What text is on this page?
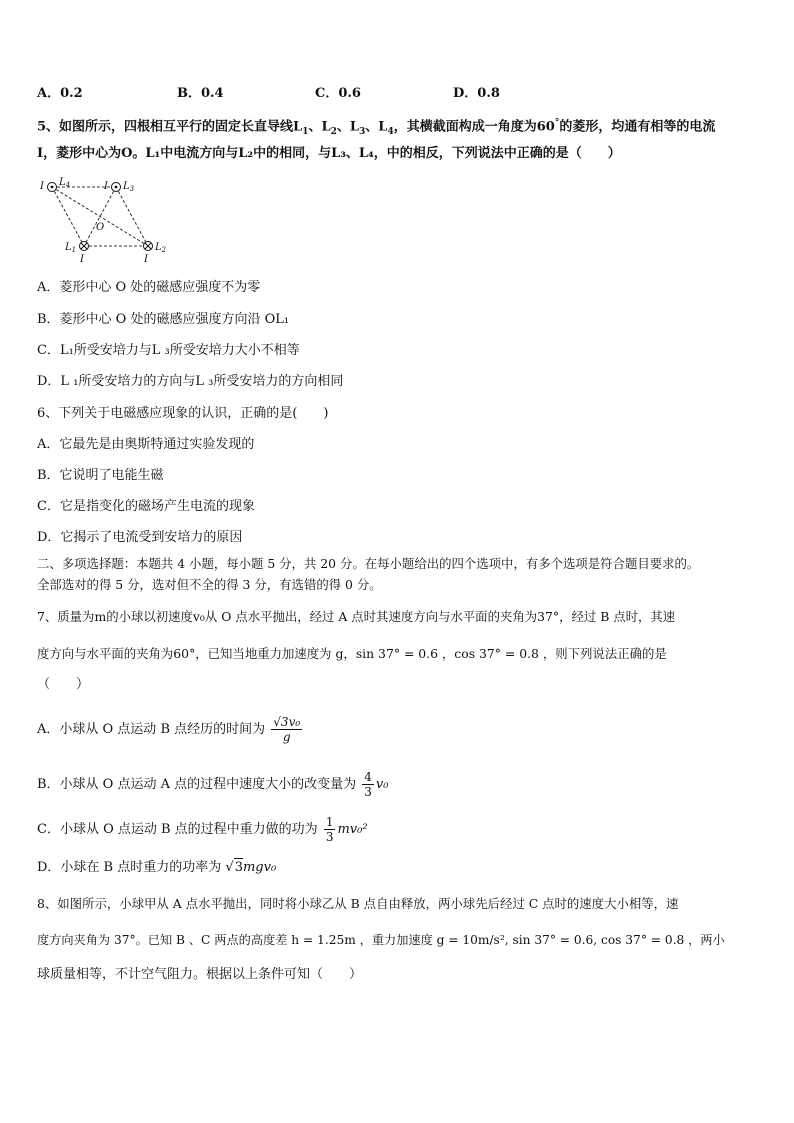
A．0.2	B．0.4	C．0.6	D．0.8
5、如图所示，四根相互平行的固定长直导线$L_1$、$L_2$、$L_3$、$L_4$，其横截面构成一角度为60°的菱形，均通有相等的电流
I，菱形中心为O。L₁中电流方向与L₂中的相同，与L₃、L₄，中的相反，下列说法中正确的是（　　）
I $L_4$	I $L_3$
O
$L_1$
I
$L_2$
I
A．菱形中心 O 处的磁感应强度不为零
B．菱形中心 O 处的磁感应强度方向沿 OL₁
C．L₁所受安培力与L ₃所受安培力大小不相等
D．L ₁所受安培力的方向与L ₃所受安培力的方向相同
6、下列关于电磁感应现象的认识，正确的是(　　)
A．它最先是由奥斯特通过实验发现的
B．它说明了电能生磁
C．它是指变化的磁场产生电流的现象
D．它揭示了电流受到安培力的原因
二、多项选择题：本题共 4 小题，每小题 5 分，共 20 分。在每小题给出的四个选项中，有多个选项是符合题目要求的。
全部选对的得 5 分，选对但不全的得 3 分，有选错的得 0 分。
7、质量为m的小球以初速度v₀从 O 点水平抛出，经过 A 点时其速度方向与水平面的夹角为37°，经过 B 点时，其速
度方向与水平面的夹角为60°，已知当地重力加速度为 g，sin 37° = 0.6 ，cos 37° = 0.8 ，则下列说法正确的是
（　　）
A．小球从 O 点运动 B 点经历的时间为 $\frac{\text{√3v₀}}{g}$
B．小球从 O 点运动 A 点的过程中速度大小的改变量为 $\frac{4}{3} v_0$
C．小球从 O 点运动 B 点的过程中重力做的功为 $\frac{1}{3} mv_0^2$
D．小球在 B 点时重力的功率为 √3mgv₀
8、如图所示，小球甲从 A 点水平抛出，同时将小球乙从 B 点自由释放，两小球先后经过 C 点时的速度大小相等，速
度方向夹角为 37°。已知 B 、C 两点的高度差 h = 1.25m ，重力加速度 g = 10m/s², sin 37° = 0.6, cos 37° = 0.8 ，两小
球质量相等，不计空气阻力。根据以上条件可知（　　）
